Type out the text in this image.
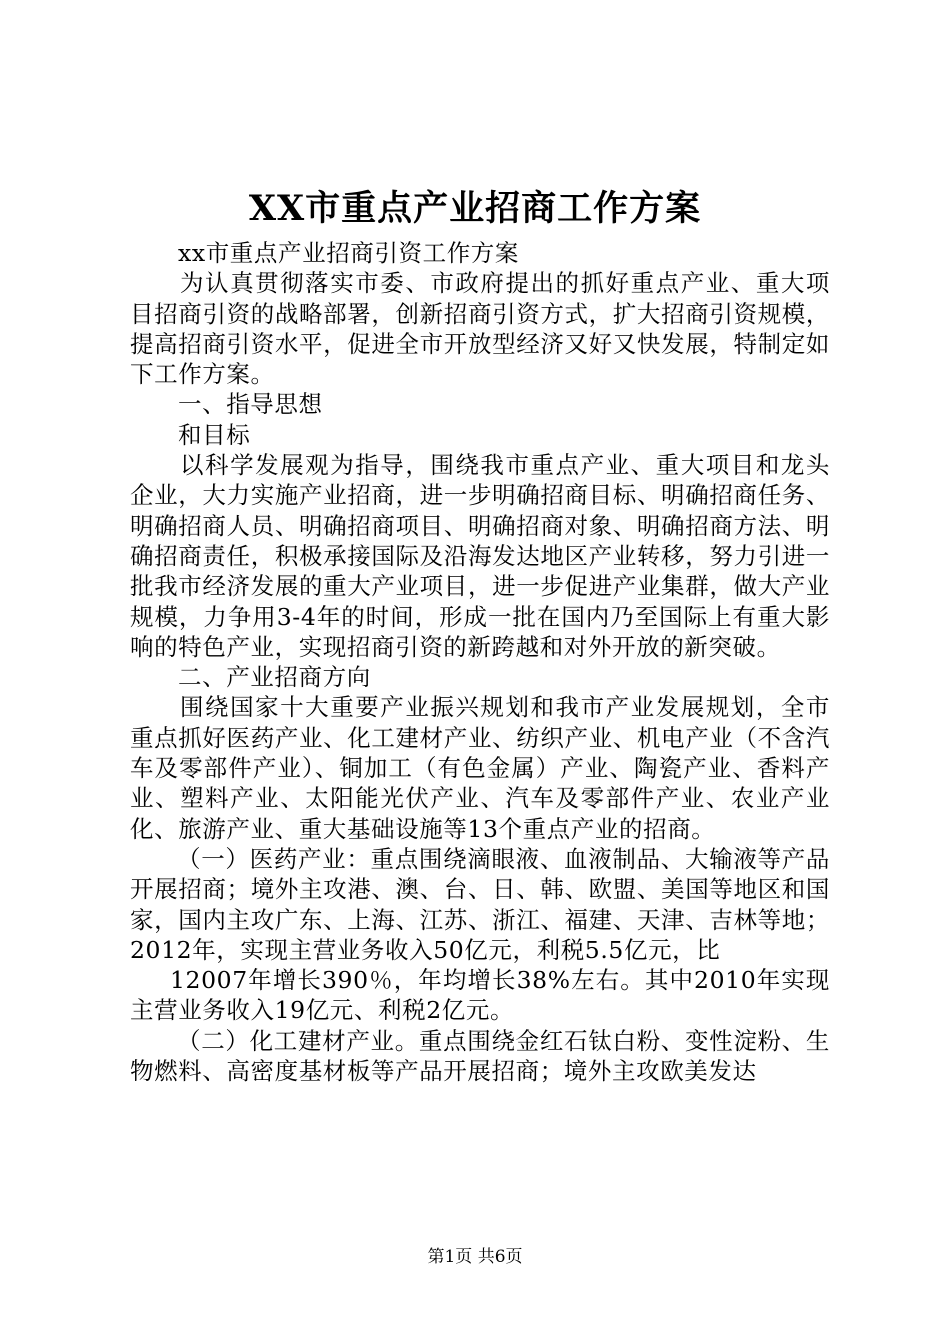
XX市重点产业招商工作方案

xx市重点产业招商引资工作方案

为认真贯彻落实市委、市政府提出的抓好重点产业、重大项目招商引资的战略部署，创新招商引资方式，扩大招商引资规模，提高招商引资水平，促进全市开放型经济又好又快发展，特制定如下工作方案。

一、指导思想

和目标

以科学发展观为指导，围绕我市重点产业、重大项目和龙头企业，大力实施产业招商，进一步明确招商目标、明确招商任务、明确招商人员、明确招商项目、明确招商对象、明确招商方法、明确招商责任，积极承接国际及沿海发达地区产业转移，努力引进一批我市经济发展的重大产业项目，进一步促进产业集群，做大产业规模，力争用3-4年的时间，形成一批在国内乃至国际上有重大影响的特色产业，实现招商引资的新跨越和对外开放的新突破。

二、产业招商方向

围绕国家十大重要产业振兴规划和我市产业发展规划，全市重点抓好医药产业、化工建材产业、纺织产业、机电产业（不含汽车及零部件产业）、铜加工（有色金属）产业、陶瓷产业、香料产业、塑料产业、太阳能光伏产业、汽车及零部件产业、农业产业化、旅游产业、重大基础设施等13个重点产业的招商。

（一）医药产业：重点围绕滴眼液、血液制品、大输液等产品开展招商；境外主攻港、澳、台、日、韩、欧盟、美国等地区和国家，国内主攻广东、上海、江苏、浙江、福建、天津、吉林等地；2012年，实现主营业务收入50亿元，利税5.5亿元，比

12007年增长390％，年均增长38%左右。其中2010年实现主营业务收入19亿元、利税2亿元。

（二）化工建材产业。重点围绕金红石钛白粉、变性淀粉、生物燃料、高密度基材板等产品开展招商；境外主攻欧美发达

第1页 共6页
